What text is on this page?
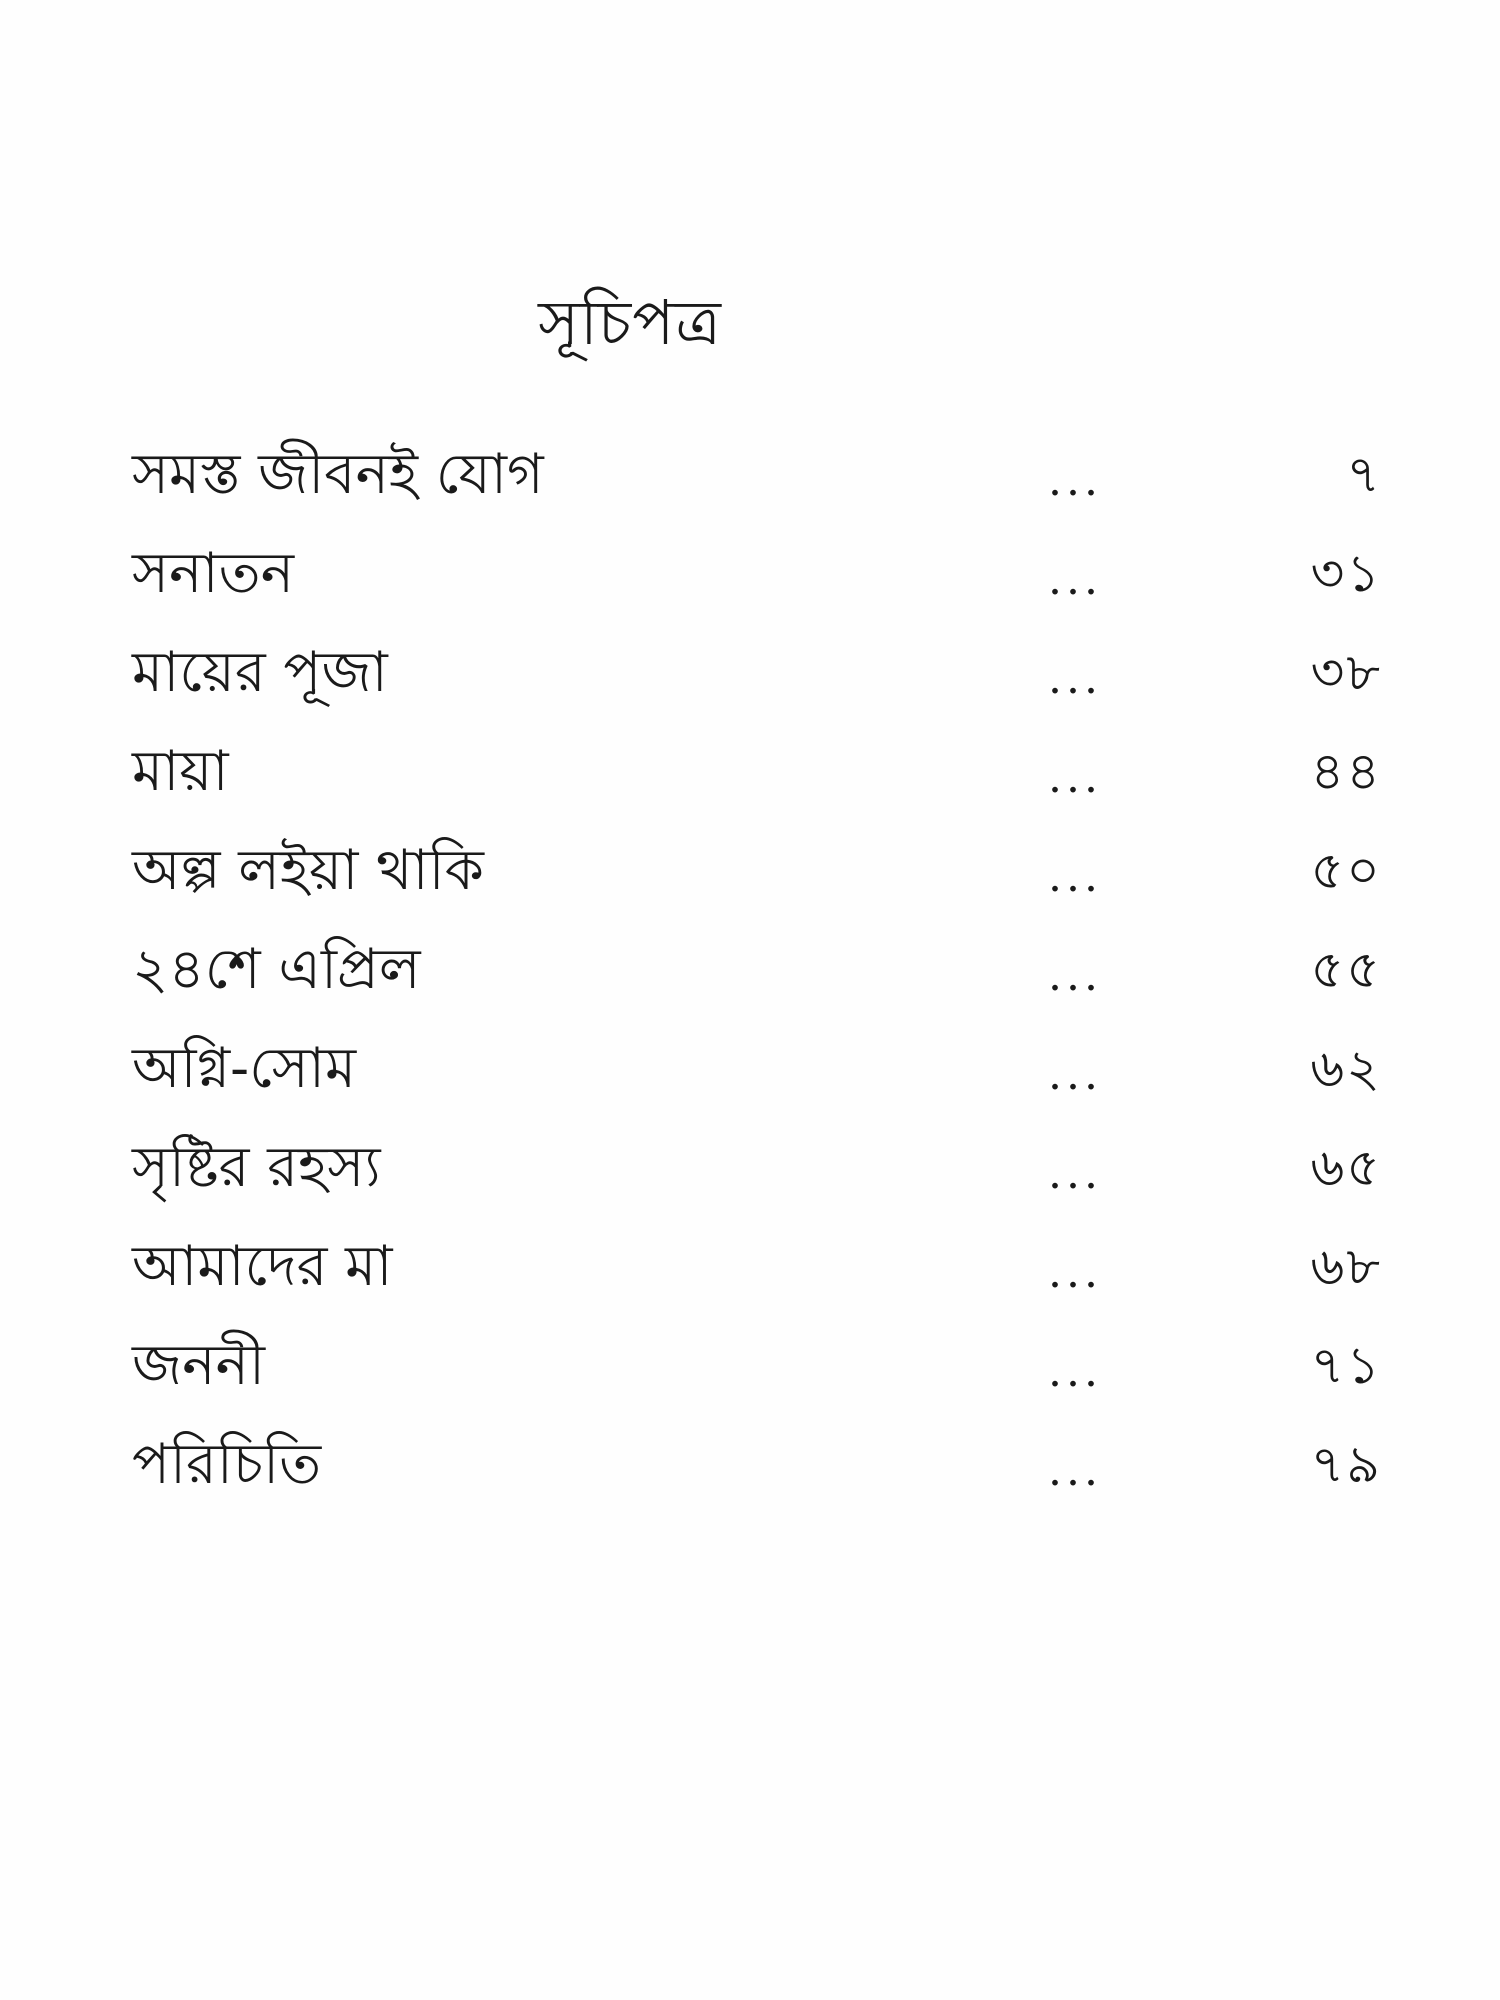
সূচিপত্র
সমস্ত জীবনই যোগ	...	৭
সনাতন	...	৩১
মায়ের পূজা	...	৩৮
মায়া	...	৪৪
অল্প লইয়া থাকি	...	৫০
২৪শে এপ্রিল	...	৫৫
অগ্নি-সোম	...	৬২
সৃষ্টির রহস্য	...	৬৫
আমাদের মা	...	৬৮
জননী	...	৭১
পরিচিতি	...	৭৯
